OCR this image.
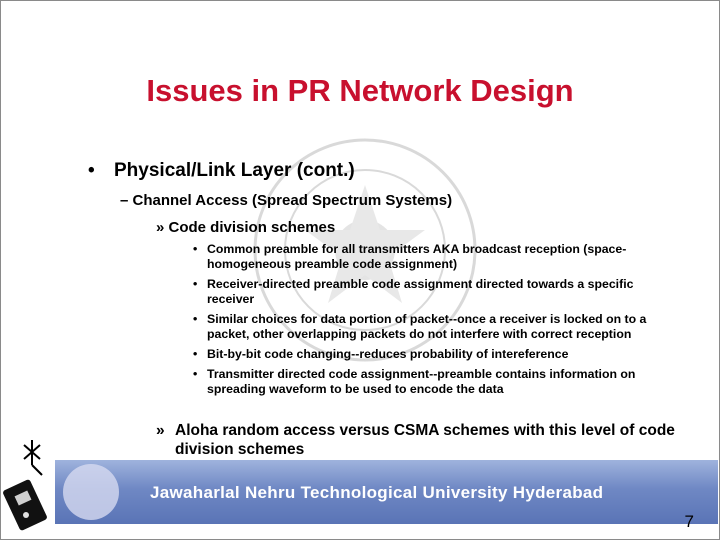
Issues in PR Network Design
• Physical/Link Layer (cont.)
– Channel Access (Spread Spectrum Systems)
» Code division schemes
• Common preamble for all transmitters AKA broadcast reception (space-homogeneous preamble code assignment)
• Receiver-directed preamble code assignment directed towards a specific receiver
• Similar choices for data portion of packet--once a receiver is locked on to a packet, other overlapping packets do not interfere with correct reception
• Bit-by-bit code changing--reduces probability of intereference
• Transmitter directed code assignment--preamble contains information on spreading waveform to be used to encode the data
» Aloha random access versus CSMA schemes with this level of code division schemes
Jawaharlal Nehru Technological University Hyderabad
7
